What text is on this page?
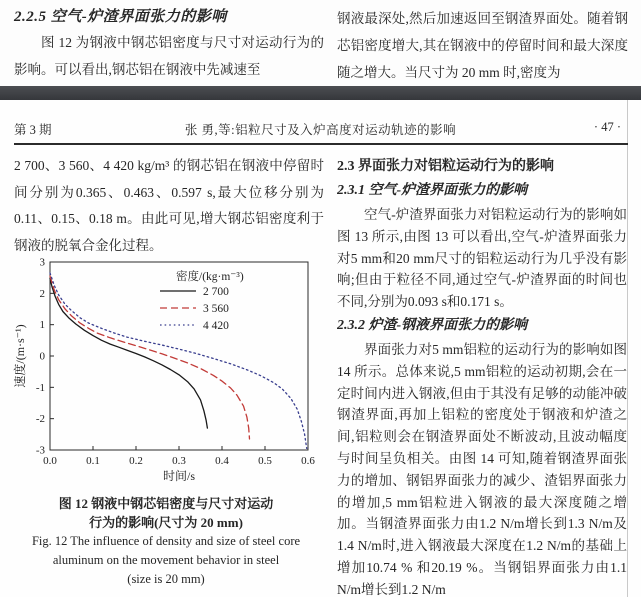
2.2.5 空气-炉渣界面张力的影响
图 12 为钢液中钢芯铝密度与尺寸对运动行为的影响。可以看出,钢芯铝在钢液中先减速至
钢液最深处,然后加速返回至钢渣界面处。随着钢芯铝密度增大,其在钢液中的停留时间和最大深度随之增大。当尺寸为 20 mm 时,密度为
第 3 期	张 勇,等:铝粒尺寸及入炉高度对运动轨迹的影响	· 47 ·
2 700、3 560、4 420 kg/m³ 的钢芯铝在钢液中停留时间分别为0.365、0.463、0.597 s,最大位移分别为0.11、0.15、0.18 m。由此可见,增大钢芯铝密度利于钢液的脱氧合金化过程。
0.0	0.1	0.2	0.3	0.4	0.5	0.6
-3
-2
-1
0
1
2
3
时间/s
速度/(m·s⁻¹)
密度/(kg·m⁻³)
2 700
3 560
4 420
图 12 钢液中钢芯铝密度与尺寸对运动
行为的影响(尺寸为 20 mm)
Fig. 12 The influence of density and size of steel core
aluminum on the movement behavior in steel
(size is 20 mm)
2.3 界面张力对铝粒运动行为的影响
2.3.1 空气-炉渣界面张力的影响
空气-炉渣界面张力对铝粒运动行为的影响如图 13 所示,由图 13 可以看出,空气-炉渣界面张力对5 mm和20 mm尺寸的铝粒运动行为几乎没有影响;但由于粒径不同,通过空气-炉渣界面的时间也不同,分别为0.093 s和0.171 s。
2.3.2 炉渣-钢液界面张力的影响
界面张力对5 mm铝粒的运动行为的影响如图 14 所示。总体来说,5 mm铝粒的运动初期,会在一定时间内进入钢液,但由于其没有足够的动能冲破钢渣界面,再加上铝粒的密度处于钢液和炉渣之间,铝粒则会在钢渣界面处不断波动,且波动幅度与时间呈负相关。由图 14 可知,随着钢渣界面张力的增加、钢铝界面张力的减少、渣铝界面张力的增加,5 mm铝粒进入钢液的最大深度随之增加。当钢渣界面张力由1.2 N/m增长到1.3 N/m及1.4 N/m时,进入钢液最大深度在1.2 N/m的基础上增加10.74 % 和20.19 %。当钢铝界面张力由1.1 N/m增长到1.2 N/m
